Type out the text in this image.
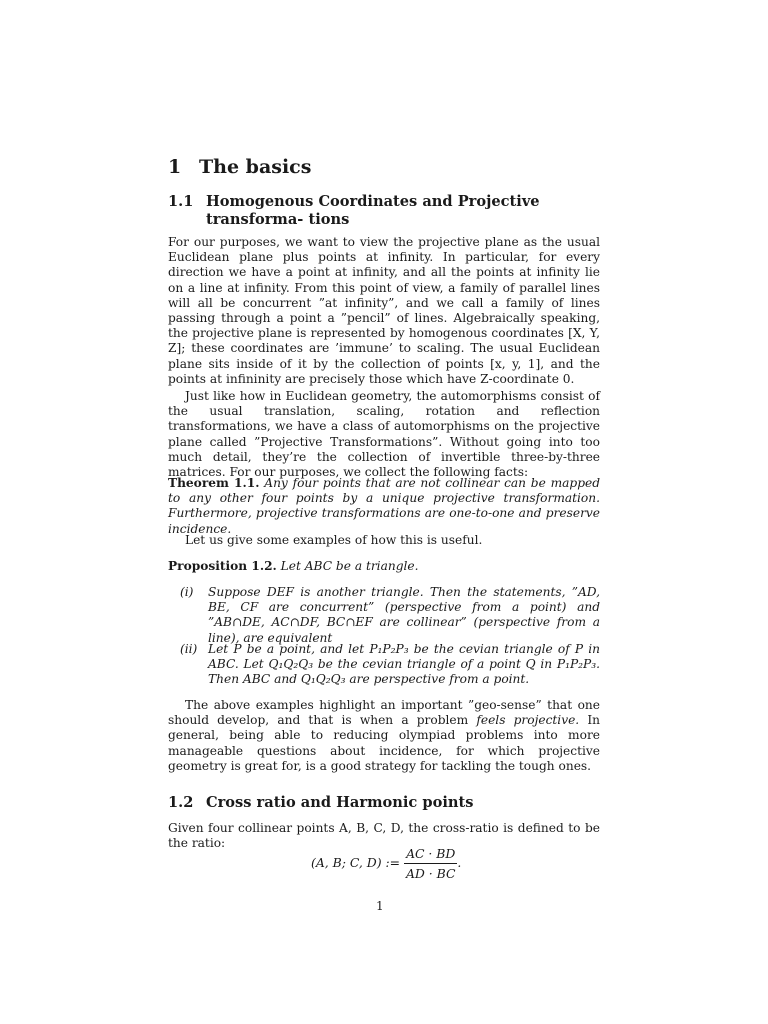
1 The basics
1.1 Homogenous Coordinates and Projective transforma- tions

For our purposes, we want to view the projective plane as the usual Euclidean plane plus points at infinity. In particular, for every direction we have a point at infinity, and all the points at infinity lie on a line at infinity. From this point of view, a family of parallel lines will all be concurrent ”at infinity”, and we call a family of lines passing through a point a ”pencil” of lines. Algebraically speaking, the projective plane is represented by homogenous coordinates [X, Y, Z]; these coordinates are ’immune’ to scaling. The usual Euclidean plane sits inside of it by the collection of points [x, y, 1], and the points at infininity are precisely those which have Z-coordinate 0.

Just like how in Euclidean geometry, the automorphisms consist of the usual translation, scaling, rotation and reflection transformations, we have a class of automorphisms on the projective plane called ”Projective Transformations”. Without going into too much detail, they’re the collection of invertible three-by-three matrices. For our purposes, we collect the following facts:

Theorem 1.1. Any four points that are not collinear can be mapped to any other four points by a unique projective transformation. Furthermore, projective transformations are one-to-one and preserve incidence.

Let us give some examples of how this is useful.

Proposition 1.2. Let ABC be a triangle.

(i) Suppose DEF is another triangle. Then the statements, ”AD, BE, CF are concurrent” (perspective from a point) and ”AB∩DE, AC∩DF, BC∩EF are collinear” (perspective from a line), are equivalent
(ii) Let P be a point, and let P₁P₂P₃ be the cevian triangle of P in ABC. Let Q₁Q₂Q₃ be the cevian triangle of a point Q in P₁P₂P₃. Then ABC and Q₁Q₂Q₃ are perspective from a point.

The above examples highlight an important ”geo-sense” that one should develop, and that is when a problem feels projective. In general, being able to reducing olympiad problems into more manageable questions about incidence, for which projective geometry is great for, is a good strategy for tackling the tough ones.

1.2 Cross ratio and Harmonic points

Given four collinear points A, B, C, D, the cross-ratio is defined to be the ratio:

(A, B; C, D) := $\frac{AC \cdot BD}{AD \cdot BC}$ .
1
